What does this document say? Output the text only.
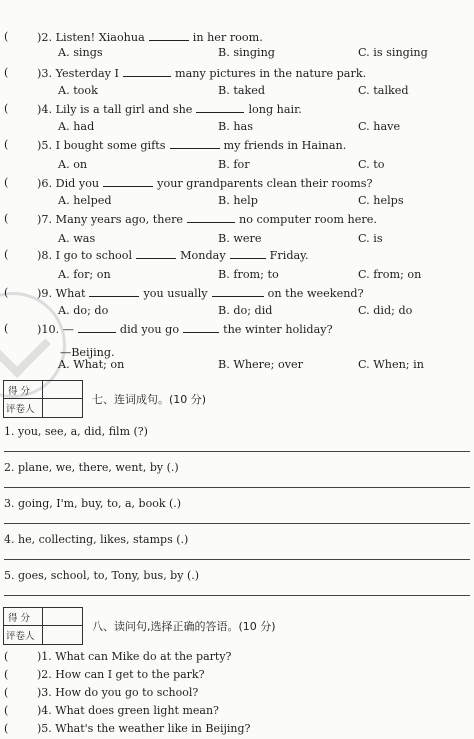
(	)2. Listen! Xiaohua	in her room.
A. sings	B. singing	C. is singing
(	)3. Yesterday I	many pictures in the nature park.
A. took	B. taked	C. talked
(	)4. Lily is a tall girl and she	long hair.
A. had	B. has	C. have
(	)5. I bought some gifts	my friends in Hainan.
A. on	B. for	C. to
(	)6. Did you	your grandparents clean their rooms?
A. helped	B. help	C. helps
(	)7. Many years ago, there	no computer room here.
A. was	B. were	C. is
(	)8. I go to school	Monday	Friday.
A. for; on	B. from; to	C. from; on
(	)9. What	you usually	on the weekend?
A. do; do	B. do; did	C. did; do
(	)10. —	did you go	the winter holiday?
A. What; on	B. Where; over	C. When; in
—Beijing.
得 分
评卷人
七、连词成句。(10 分)
1. you, see, a, did, film (?)
2. plane, we, there, went, by (.)
3. going, I'm, buy, to, a, book (.)
4. he, collecting, likes, stamps (.)
5. goes, school, to, Tony, bus, by (.)
得 分
评卷人
八、读问句,选择正确的答语。(10 分)
(	)1. What can Mike do at the party?
(	)2. How can I get to the park?
(	)3. How do you go to school?
(	)4. What does green light mean?
(	)5. What's the weather like in Beijing?
